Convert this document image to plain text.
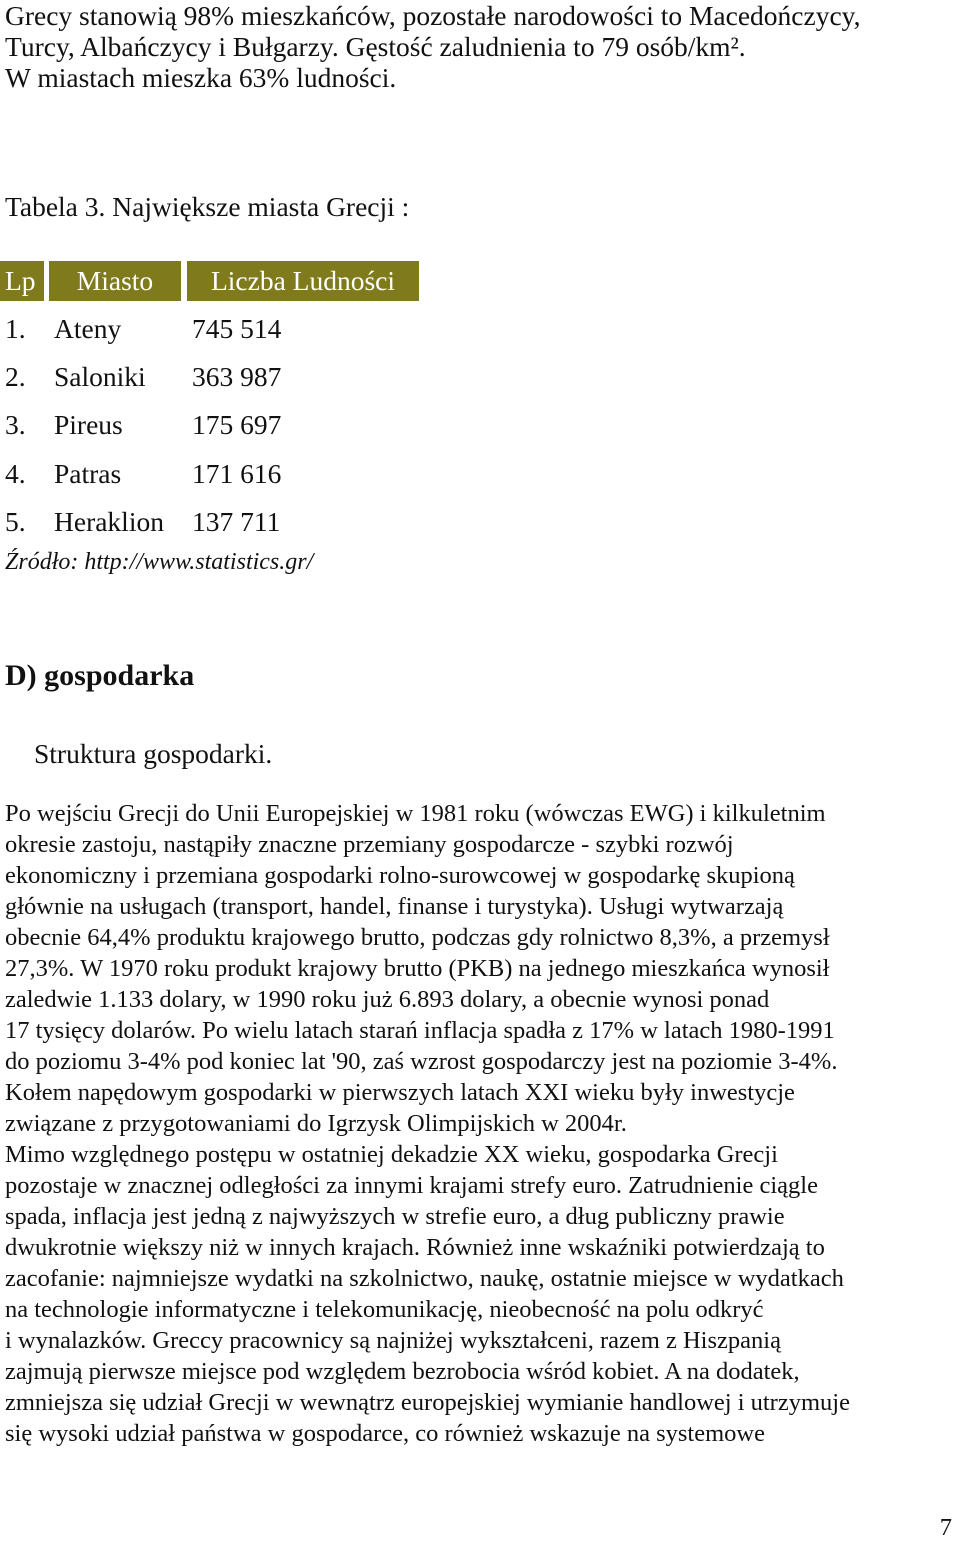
Grecy stanowią 98% mieszkańców, pozostałe narodowości to Macedończycy,
Turcy, Albańczycy i Bułgarzy. Gęstość zaludnienia to 79 osób/km².
W miastach mieszka 63% ludności.
Tabela 3. Największe miasta Grecji :
Lp	Miasto	Liczba Ludności
1. Ateny	745 514
2. Saloniki 363 987
3. Pireus	175 697
4. Patras	171 616
5. Heraklion 137 711
Źródło: http://www.statistics.gr/
D) gospodarka
Struktura gospodarki.
Po wejściu Grecji do Unii Europejskiej w 1981 roku (wówczas EWG) i kilkuletnim
okresie zastoju, nastąpiły znaczne przemiany gospodarcze - szybki rozwój
ekonomiczny i przemiana gospodarki rolno-surowcowej w gospodarkę skupioną
głównie na usługach (transport, handel, finanse i turystyka). Usługi wytwarzają
obecnie 64,4% produktu krajowego brutto, podczas gdy rolnictwo 8,3%, a przemysł
27,3%. W 1970 roku produkt krajowy brutto (PKB) na jednego mieszkańca wynosił
zaledwie 1.133 dolary, w 1990 roku już 6.893 dolary, a obecnie wynosi ponad
17 tysięcy dolarów. Po wielu latach starań inflacja spadła z 17% w latach 1980-1991
do poziomu 3-4% pod koniec lat '90, zaś wzrost gospodarczy jest na poziomie 3-4%.
Kołem napędowym gospodarki w pierwszych latach XXI wieku były inwestycje
związane z przygotowaniami do Igrzysk Olimpijskich w 2004r.
Mimo względnego postępu w ostatniej dekadzie XX wieku, gospodarka Grecji
pozostaje w znacznej odległości za innymi krajami strefy euro. Zatrudnienie ciągle
spada, inflacja jest jedną z najwyższych w strefie euro, a dług publiczny prawie
dwukrotnie większy niż w innych krajach. Również inne wskaźniki potwierdzają to
zacofanie: najmniejsze wydatki na szkolnictwo, naukę, ostatnie miejsce w wydatkach
na technologie informatyczne i telekomunikację, nieobecność na polu odkryć
i wynalazków. Greccy pracownicy są najniżej wykształceni, razem z Hiszpanią
zajmują pierwsze miejsce pod względem bezrobocia wśród kobiet. A na dodatek,
zmniejsza się udział Grecji w wewnątrz europejskiej wymianie handlowej i utrzymuje
się wysoki udział państwa w gospodarce, co również wskazuje na systemowe
7
